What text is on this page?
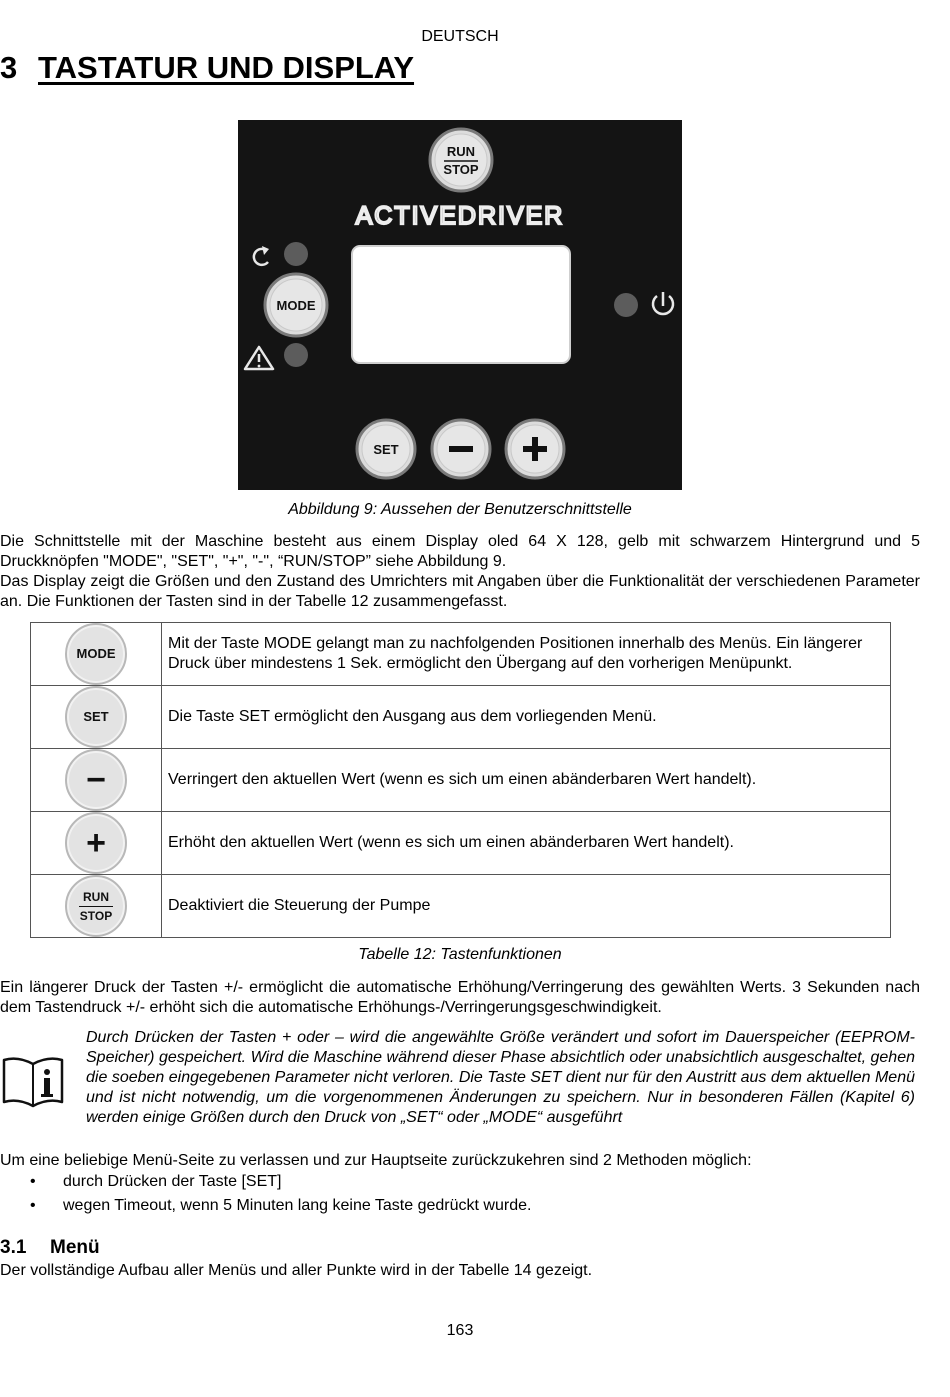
DEUTSCH
3 TASTATUR UND DISPLAY
RUN
STOP
ACTIVEDRIVER
MODE
SET
Abbildung 9: Aussehen der Benutzerschnittstelle

Die Schnittstelle mit der Maschine besteht aus einem Display oled 64 X 128, gelb mit schwarzem Hintergrund und 5 Druckknöpfen "MODE", "SET", "+", "-", “RUN/STOP” siehe Abbildung 9.

Das Display zeigt die Größen und den Zustand des Umrichters mit Angaben über die Funktionalität der verschiedenen Parameter an. Die Funktionen der Tasten sind in der Tabelle 12 zusammengefasst.

MODE	Mit der Taste MODE gelangt man zu nachfolgenden Positionen innerhalb des Menüs. Ein längerer Druck über mindestens 1 Sek. ermöglicht den Übergang auf den vorherigen Menüpunkt.

SET	Die Taste SET ermöglicht den Ausgang aus dem vorliegenden Menü.

−	Verringert den aktuellen Wert (wenn es sich um einen abänderbaren Wert handelt).

+	Erhöht den aktuellen Wert (wenn es sich um einen abänderbaren Wert handelt).

RUN
STOP	Deaktiviert die Steuerung der Pumpe
Tabelle 12: Tastenfunktionen

Ein längerer Druck der Tasten +/- ermöglicht die automatische Erhöhung/Verringerung des gewählten Werts. 3 Sekunden nach dem Tastendruck +/- erhöht sich die automatische Erhöhungs-/Verringerungsgeschwindigkeit.

Durch Drücken der Tasten + oder – wird die angewählte Größe verändert und sofort im Dauerspeicher (EEPROM-Speicher) gespeichert. Wird die Maschine während dieser Phase absichtlich oder unabsichtlich ausgeschaltet, gehen die soeben eingegebenen Parameter nicht verloren. Die Taste SET dient nur für den Austritt aus dem aktuellen Menü und ist nicht notwendig, um die vorgenommenen Änderungen zu speichern. Nur in besonderen Fällen (Kapitel 6) werden einige Größen durch den Druck von „SET“ oder „MODE“ ausgeführt

Um eine beliebige Menü-Seite zu verlassen und zur Hauptseite zurückzukehren sind 2 Methoden möglich:

• durch Drücken der Taste [SET]
• wegen Timeout, wenn 5 Minuten lang keine Taste gedrückt wurde.
3.1 Menü

Der vollständige Aufbau aller Menüs und aller Punkte wird in der Tabelle 14 gezeigt.

163
